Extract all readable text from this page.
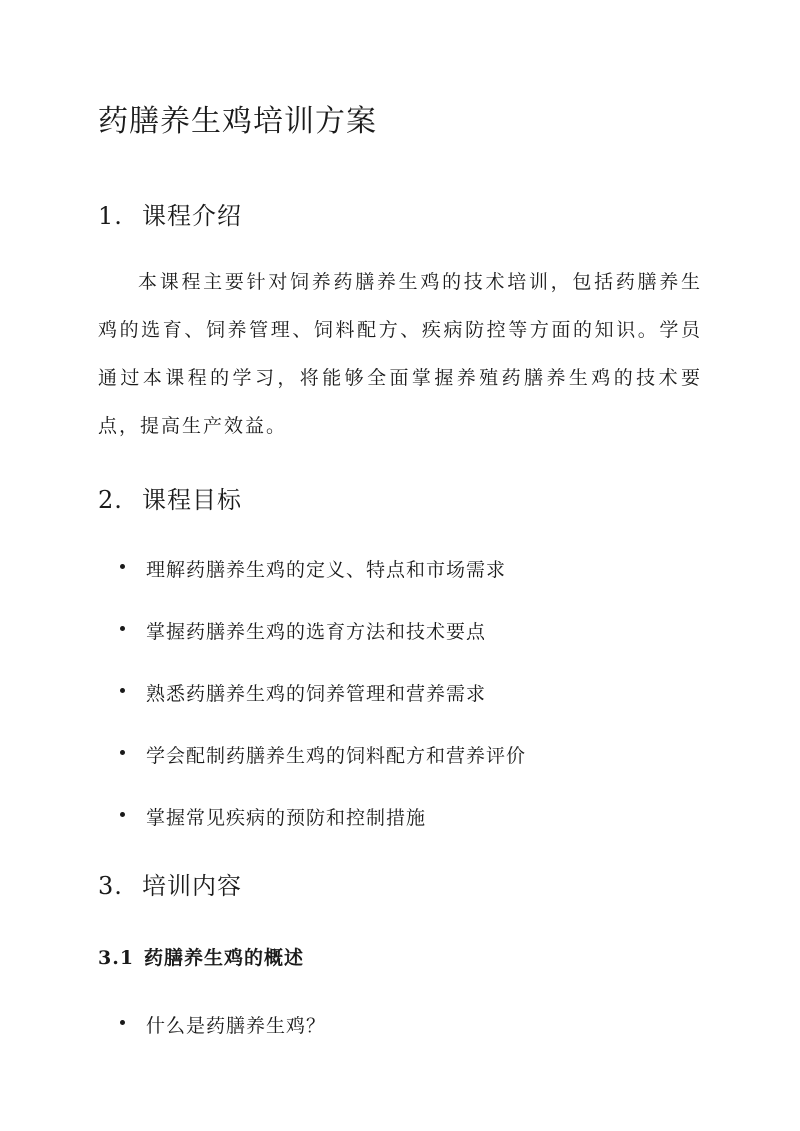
药膳养生鸡培训方案
1. 课程介绍

本课程主要针对饲养药膳养生鸡的技术培训，包括药膳养生鸡的选育、饲养管理、饲料配方、疾病防控等方面的知识。学员通过本课程的学习，将能够全面掌握养殖药膳养生鸡的技术要点，提高生产效益。

2. 课程目标
理解药膳养生鸡的定义、特点和市场需求
掌握药膳养生鸡的选育方法和技术要点
熟悉药膳养生鸡的饲养管理和营养需求
学会配制药膳养生鸡的饲料配方和营养评价
掌握常见疾病的预防和控制措施
3. 培训内容
3.1 药膳养生鸡的概述
什么是药膳养生鸡？
